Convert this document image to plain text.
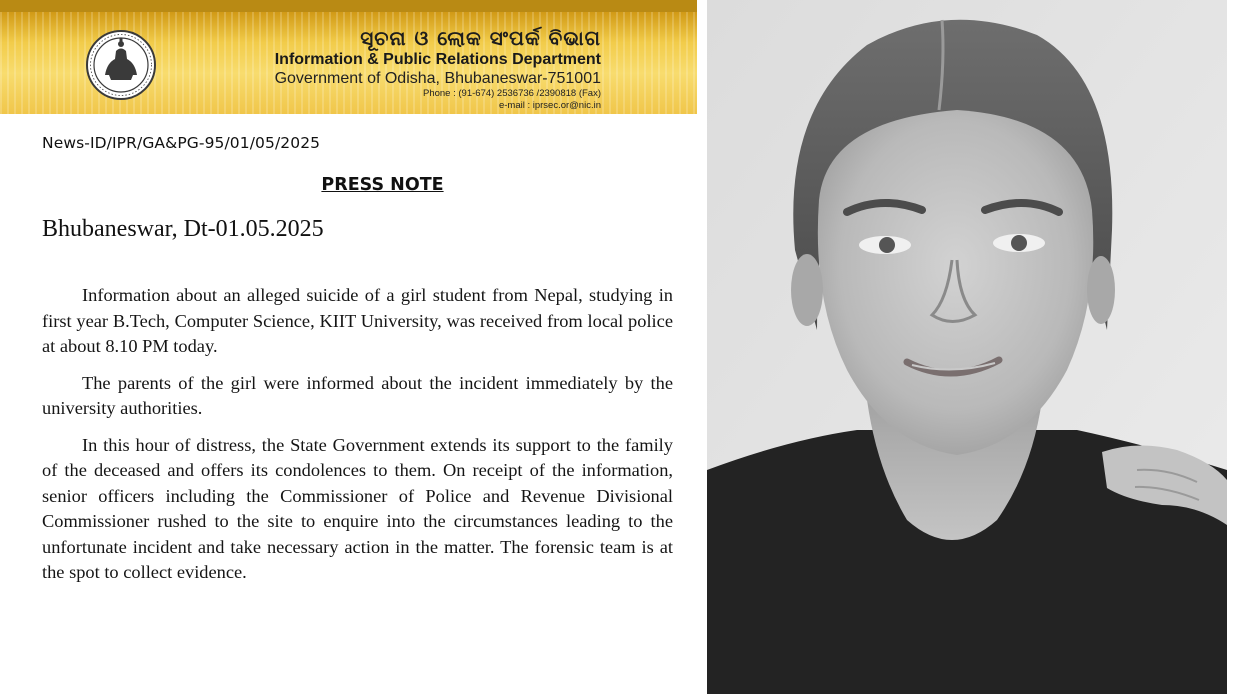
ସୂଚନା ଓ ଲୋକ ସଂପର୍କ ବିଭାଗ
Information & Public Relations Department
Government of Odisha, Bhubaneswar-751001
Phone : (91-674) 2536736 /2390818 (Fax)
e-mail : iprsec.or@nic.in
News-ID/IPR/GA&PG-95/01/05/2025
PRESS NOTE
Bhubaneswar, Dt-01.05.2025

Information about an alleged suicide of a girl student from Nepal, studying in first year B.Tech, Computer Science, KIIT University, was received from local police at about 8.10 PM today.

The parents of the girl were informed about the incident immediately by the university authorities.

In this hour of distress, the State Government extends its support to the family of the deceased and offers its condolences to them. On receipt of the information, senior officers including the Commissioner of Police and Revenue Divisional Commissioner rushed to the site to enquire into the circumstances leading to the unfortunate incident and take necessary action in the matter. The forensic team is at the spot to collect evidence.
